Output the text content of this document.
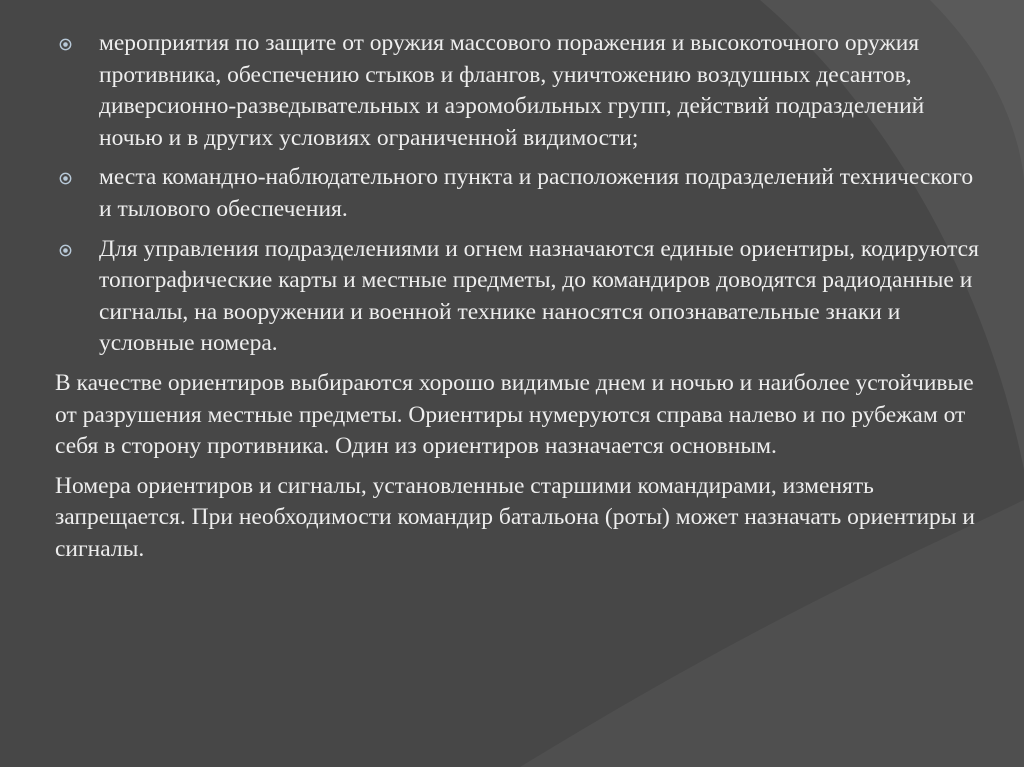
мероприятия по защите от оружия массового поражения и высокоточного оружия противника, обеспечению стыков и флангов, уничтожению воздушных десантов, диверсионно-разведывательных и аэромобильных групп, действий подразделений ночью и в других условиях ограниченной видимости;
места командно-наблюдательного пункта и расположения подразделений технического и тылового обеспечения.
Для управления подразделениями и огнем назначаются единые ориентиры, кодируются топографические карты и местные предметы, до командиров доводятся радиоданные и сигналы, на вооружении и военной технике наносятся опознавательные знаки и условные номера.

В качестве ориентиров выбираются хорошо видимые днем и ночью и наиболее устойчивые от разрушения местные предметы. Ориентиры нумеруются справа налево и по рубежам от себя в сторону противника. Один из ориентиров назначается основным.

Номера ориентиров и сигналы, установленные старшими командирами, изменять запрещается. При необходимости командир батальона (роты) может назначать ориентиры и сигналы.
